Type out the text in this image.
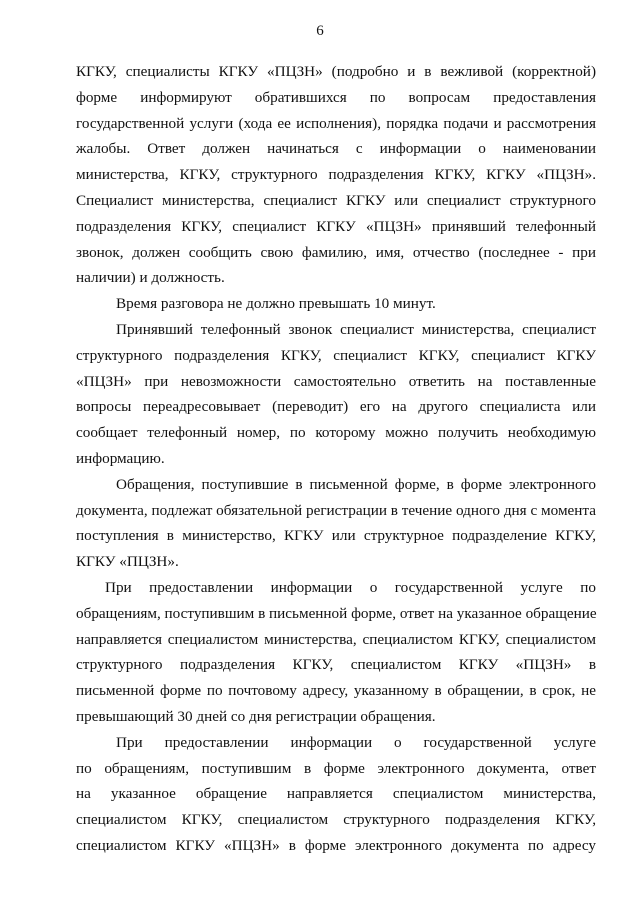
6
КГКУ, специалисты КГКУ «ПЦЗН» (подробно и в вежливой (корректной)
форме информируют обратившихся по вопросам предоставления
государственной услуги (хода ее исполнения), порядка подачи и рассмотрения
жалобы. Ответ должен начинаться с информации о наименовании
министерства, КГКУ, структурного подразделения КГКУ, КГКУ «ПЦЗН».
Специалист министерства, специалист КГКУ или специалист структурного
подразделения КГКУ, специалист КГКУ «ПЦЗН» принявший телефонный
звонок, должен сообщить свою фамилию, имя, отчество (последнее - при
наличии) и должность.
Время разговора не должно превышать 10 минут.
Принявший телефонный звонок специалист министерства, специалист
структурного подразделения КГКУ, специалист КГКУ, специалист КГКУ
«ПЦЗН» при невозможности самостоятельно ответить на поставленные
вопросы переадресовывает (переводит) его на другого специалиста или
сообщает телефонный номер, по которому можно получить необходимую
информацию.
Обращения, поступившие в письменной форме, в форме электронного
документа, подлежат обязательной регистрации в течение одного дня с момента
поступления в министерство, КГКУ или структурное подразделение КГКУ,
КГКУ «ПЦЗН».
При предоставлении информации о государственной услуге по
обращениям, поступившим в письменной форме, ответ на указанное обращение
направляется специалистом министерства, специалистом КГКУ, специалистом
структурного подразделения КГКУ, специалистом КГКУ «ПЦЗН» в
письменной форме по почтовому адресу, указанному в обращении, в срок, не
превышающий 30 дней со дня регистрации обращения.
При предоставлении информации о государственной услуге
по обращениям, поступившим в форме электронного документа, ответ
на указанное обращение направляется специалистом министерства,
специалистом КГКУ, специалистом структурного подразделения КГКУ,
специалистом КГКУ «ПЦЗН» в форме электронного документа по адресу
